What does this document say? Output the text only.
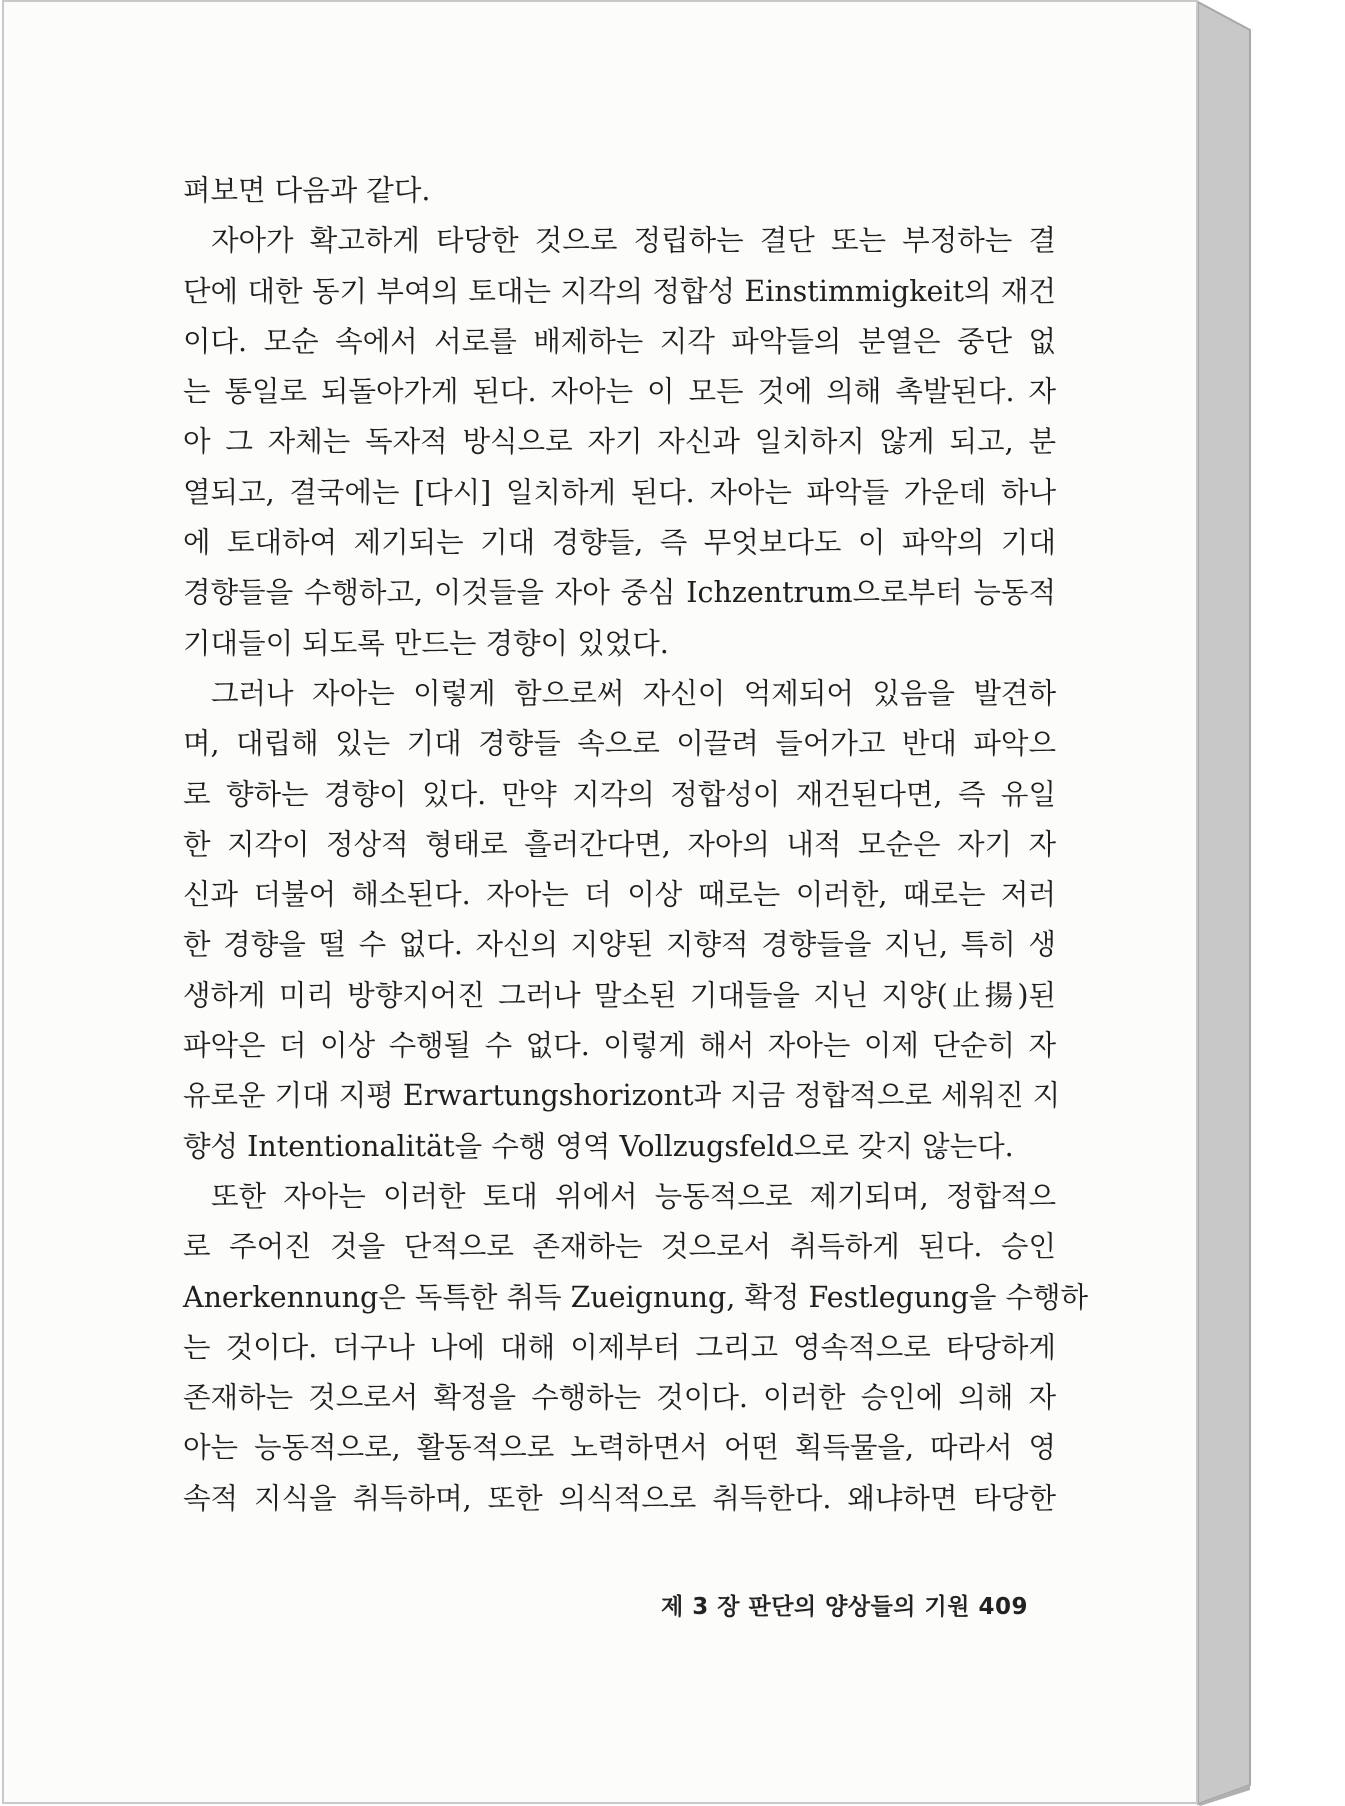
펴보면 다음과 같다.
자아가 확고하게 타당한 것으로 정립하는 결단 또는 부정하는 결
단에 대한 동기 부여의 토대는 지각의 정합성 Einstimmigkeit의 재건
이다. 모순 속에서 서로를 배제하는 지각 파악들의 분열은 중단 없
는 통일로 되돌아가게 된다. 자아는 이 모든 것에 의해 촉발된다. 자
아 그 자체는 독자적 방식으로 자기 자신과 일치하지 않게 되고, 분
열되고, 결국에는 [다시] 일치하게 된다. 자아는 파악들 가운데 하나
에 토대하여 제기되는 기대 경향들, 즉 무엇보다도 이 파악의 기대
경향들을 수행하고, 이것들을 자아 중심 Ichzentrum으로부터 능동적
기대들이 되도록 만드는 경향이 있었다.
그러나 자아는 이렇게 함으로써 자신이 억제되어 있음을 발견하
며, 대립해 있는 기대 경향들 속으로 이끌려 들어가고 반대 파악으
로 향하는 경향이 있다. 만약 지각의 정합성이 재건된다면, 즉 유일
한 지각이 정상적 형태로 흘러간다면, 자아의 내적 모순은 자기 자
신과 더불어 해소된다. 자아는 더 이상 때로는 이러한, 때로는 저러
한 경향을 떨 수 없다. 자신의 지양된 지향적 경향들을 지닌, 특히 생
생하게 미리 방향지어진 그러나 말소된 기대들을 지닌 지양(止揚)된
파악은 더 이상 수행될 수 없다. 이렇게 해서 자아는 이제 단순히 자
유로운 기대 지평 Erwartungshorizont과 지금 정합적으로 세워진 지
향성 Intentionalität을 수행 영역 Vollzugsfeld으로 갖지 않는다.
또한 자아는 이러한 토대 위에서 능동적으로 제기되며, 정합적으
로 주어진 것을 단적으로 존재하는 것으로서 취득하게 된다. 승인
Anerkennung은 독특한 취득 Zueignung, 확정 Festlegung을 수행하
는 것이다. 더구나 나에 대해 이제부터 그리고 영속적으로 타당하게
존재하는 것으로서 확정을 수행하는 것이다. 이러한 승인에 의해 자
아는 능동적으로, 활동적으로 노력하면서 어떤 획득물을, 따라서 영
속적 지식을 취득하며, 또한 의식적으로 취득한다. 왜냐하면 타당한
제 3 장 판단의 양상들의 기원 409
